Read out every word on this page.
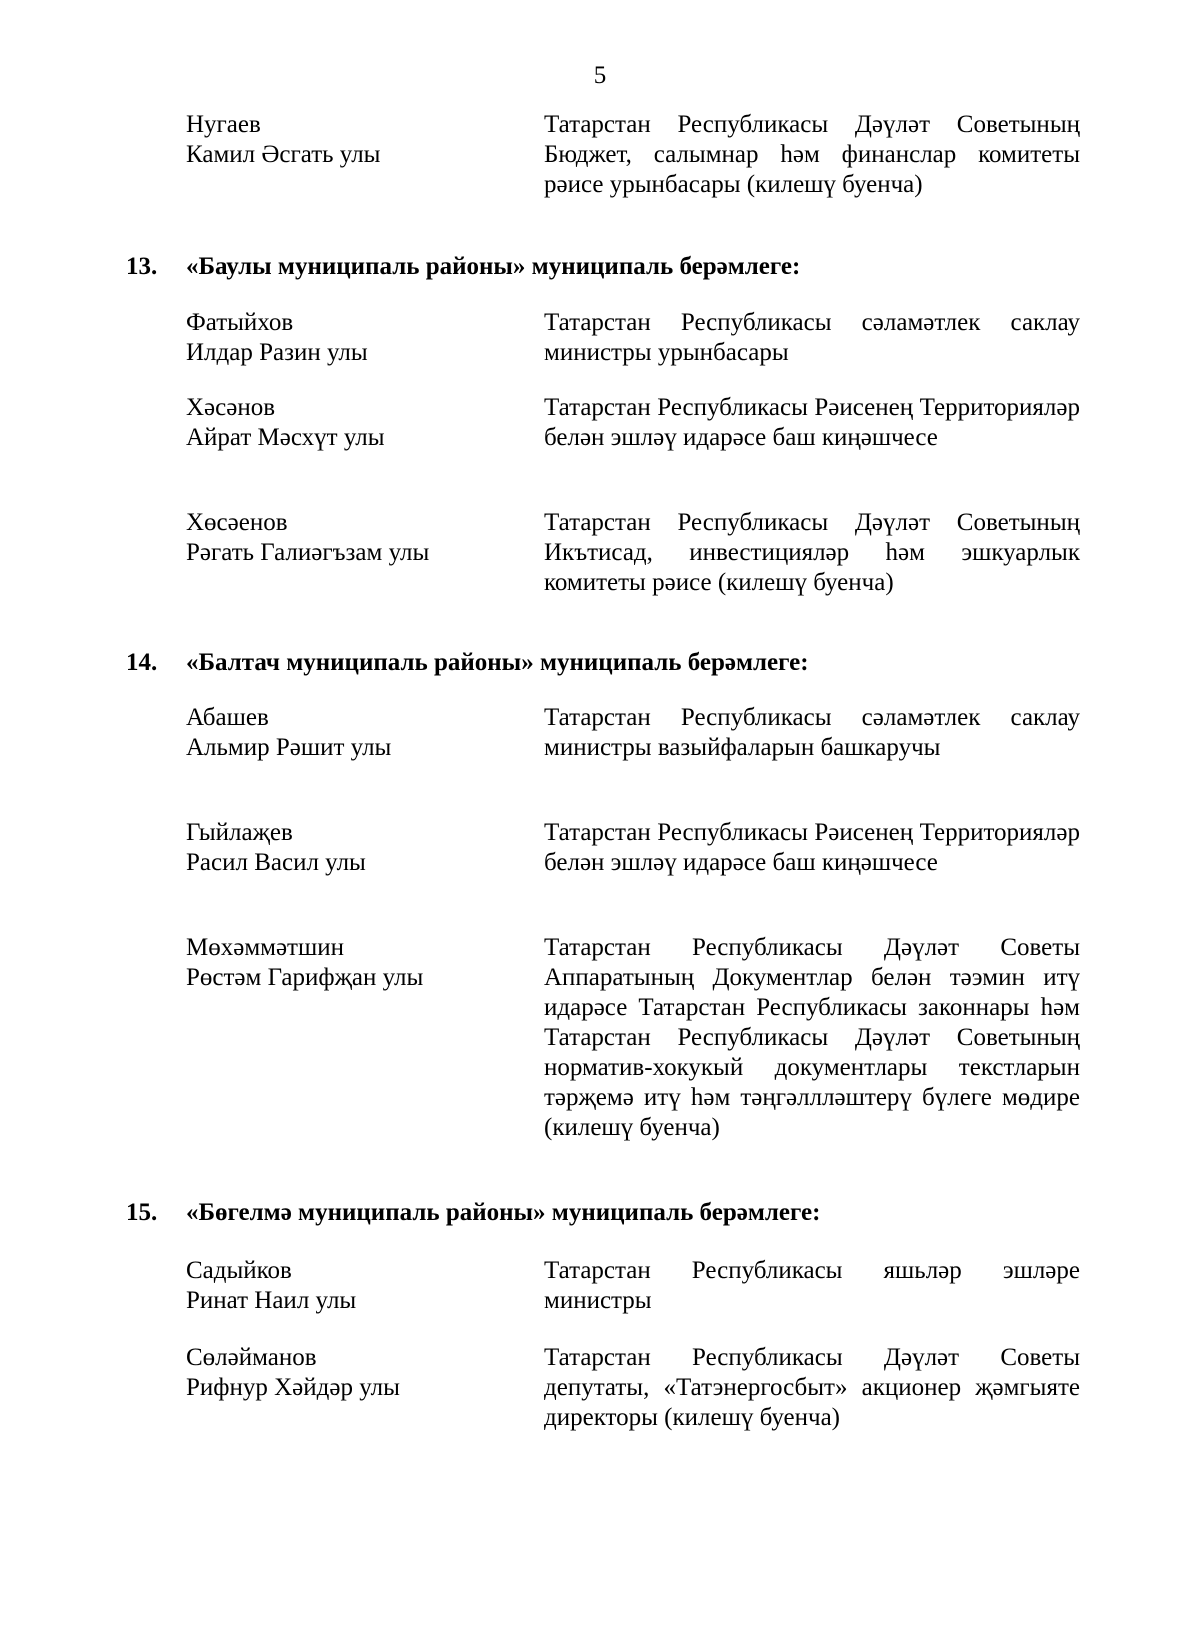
5
Нугаев
Камил Әсгать улы
Татарстан Республикасы Дәүләт Советының Бюджет, салымнар һәм финанслар комитеты рәисе урынбасары (килешү буенча)
13. «Баулы муниципаль районы» муниципаль берәмлеге:
Фатыйхов
Илдар Разин улы
Татарстан Республикасы сәламәтлек саклау министры урынбасары
Хәсәнов
Айрат Мәсхүт улы
Татарстан Республикасы Рәисенең Территорияләр белән эшләү идарәсе баш киңәшчесе
Хөсәенов
Рәгать Галиәгъзам улы
Татарстан Республикасы Дәүләт Советының Икътисад, инвестицияләр һәм эшкуарлык комитеты рәисе (килешү буенча)
14. «Балтач муниципаль районы» муниципаль берәмлеге:
Абашев
Альмир Рәшит улы
Татарстан Республикасы сәламәтлек саклау министры вазыйфаларын башкаручы
Гыйлаҗев
Расил Васил улы
Татарстан Республикасы Рәисенең Территорияләр белән эшләү идарәсе баш киңәшчесе
Мөхәммәтшин
Рөстәм Гарифҗан улы
Татарстан Республикасы Дәүләт Советы Аппаратының Документлар белән тәэмин итү идарәсе Татарстан Республикасы законнары һәм Татарстан Республикасы Дәүләт Советының норматив-хокукый документлары текстларын тәрҗемә итү һәм тәңгәллләштерү бүлеге мөдире (килешү буенча)
15. «Бөгелмә муниципаль районы» муниципаль берәмлеге:
Садыйков
Ринат Наил улы
Татарстан Республикасы яшьләр эшләре министры
Сөләйманов
Рифнур Хәйдәр улы
Татарстан Республикасы Дәүләт Советы депутаты, «Татэнергосбыт» акционер җәмгыяте директоры (килешү буенча)
